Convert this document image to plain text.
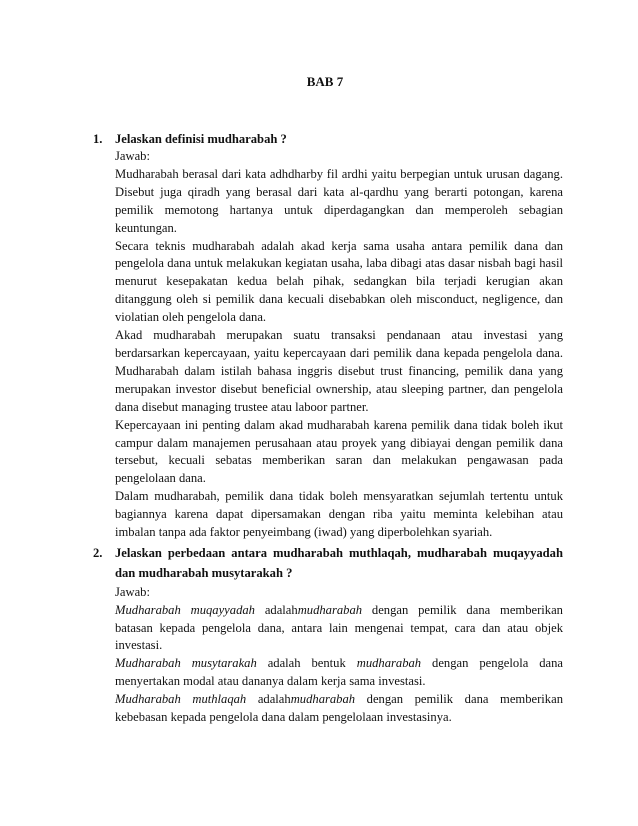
BAB 7
1. Jelaskan definisi mudharabah ?
Jawab:

Mudharabah berasal dari kata adhdharby fil ardhi yaitu berpegian untuk urusan dagang. Disebut juga qiradh yang berasal dari kata al-qardhu yang berarti potongan, karena pemilik memotong hartanya untuk diperdagangkan dan memperoleh sebagian keuntungan.

Secara teknis mudharabah adalah akad kerja sama usaha antara pemilik dana dan pengelola dana untuk melakukan kegiatan usaha, laba dibagi atas dasar nisbah bagi hasil menurut kesepakatan kedua belah pihak, sedangkan bila terjadi kerugian akan ditanggung oleh si pemilik dana kecuali disebabkan oleh misconduct, negligence, dan violatian oleh pengelola dana.

Akad mudharabah merupakan suatu transaksi pendanaan atau investasi yang berdarsarkan kepercayaan, yaitu kepercayaan dari pemilik dana kepada pengelola dana. Mudharabah dalam istilah bahasa inggris disebut trust financing, pemilik dana yang merupakan investor disebut beneficial ownership, atau sleeping partner, dan pengelola dana disebut managing trustee atau laboor partner.

Kepercayaan ini penting dalam akad mudharabah karena pemilik dana tidak boleh ikut campur dalam manajemen perusahaan atau proyek yang dibiayai dengan pemilik dana tersebut, kecuali sebatas memberikan saran dan melakukan pengawasan pada pengelolaan dana.

Dalam mudharabah, pemilik dana tidak boleh mensyaratkan sejumlah tertentu untuk bagiannya karena dapat dipersamakan dengan riba yaitu meminta kelebihan atau imbalan tanpa ada faktor penyeimbang (iwad) yang diperbolehkan syariah.

2. Jelaskan perbedaan antara mudharabah muthlaqah, mudharabah muqayyadah dan mudharabah musytarakah ?
Jawab:

Mudharabah muqayyadah adalahmudharabah dengan pemilik dana memberikan batasan kepada pengelola dana, antara lain mengenai tempat, cara dan atau objek investasi.

Mudharabah musytarakah adalah bentuk mudharabah dengan pengelola dana menyertakan modal atau dananya dalam kerja sama investasi.

Mudharabah muthlaqah adalahmudharabah dengan pemilik dana memberikan kebebasan kepada pengelola dana dalam pengelolaan investasinya.
